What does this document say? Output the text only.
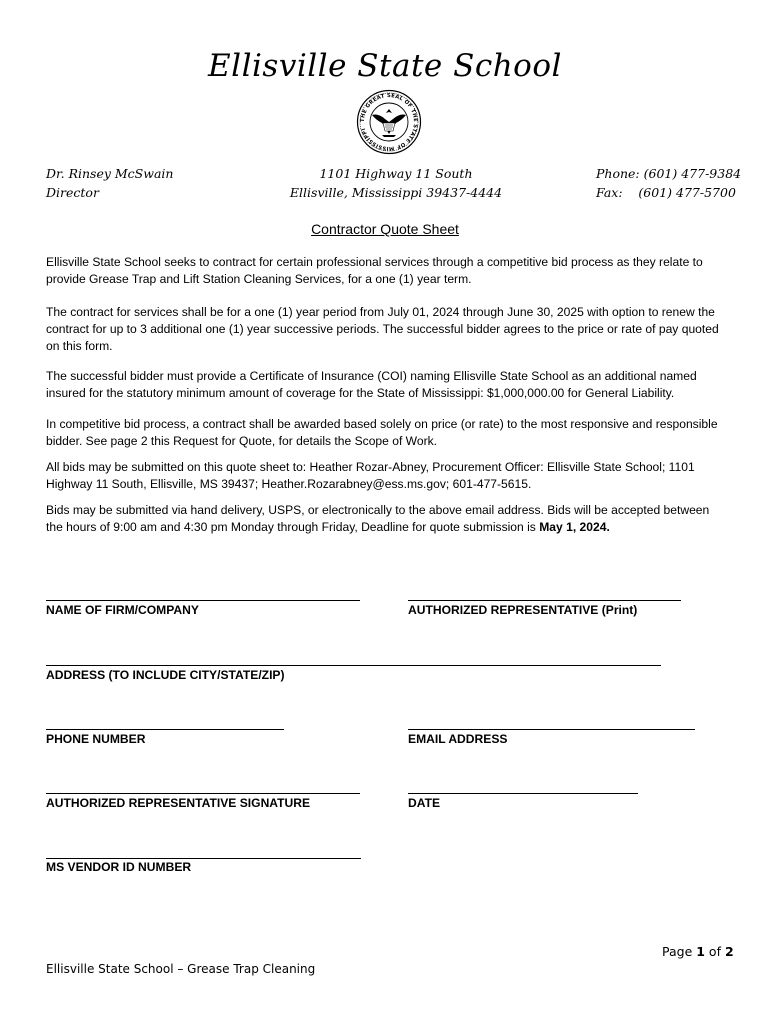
Ellisville State School
THE GREAT SEAL OF THE STATE OF MISSISSIPPI
Dr. Rinsey McSwain
Director
1101 Highway 11 South
Ellisville, Mississippi 39437-4444
Phone: (601) 477-9384
Fax:    (601) 477-5700
Contractor Quote Sheet
Ellisville State School seeks to contract for certain professional services through a competitive bid process as they relate to provide Grease Trap and Lift Station Cleaning Services, for a one (1) year term.
The contract for services shall be for a one (1) year period from July 01, 2024 through June 30, 2025 with option to renew the contract for up to 3 additional one (1) year successive periods. The successful bidder agrees to the price or rate of pay quoted on this form.
The successful bidder must provide a Certificate of Insurance (COI) naming Ellisville State School as an additional named insured for the statutory minimum amount of coverage for the State of Mississippi: $1,000,000.00 for General Liability.
In competitive bid process, a contract shall be awarded based solely on price (or rate) to the most responsive and responsible bidder. See page 2 this Request for Quote, for details the Scope of Work.
All bids may be submitted on this quote sheet to: Heather Rozar-Abney, Procurement Officer: Ellisville State School; 1101 Highway 11 South, Ellisville, MS 39437; Heather.Rozarabney@ess.ms.gov; 601-477-5615.
Bids may be submitted via hand delivery, USPS, or electronically to the above email address. Bids will be accepted between the hours of 9:00 am and 4:30 pm Monday through Friday, Deadline for quote submission is May 1, 2024.
NAME OF FIRM/COMPANY	AUTHORIZED REPRESENTATIVE (Print)
ADDRESS (TO INCLUDE CITY/STATE/ZIP)
PHONE NUMBER	EMAIL ADDRESS
AUTHORIZED REPRESENTATIVE SIGNATURE	DATE
MS VENDOR ID NUMBER
Page 1 of 2
Ellisville State School – Grease Trap Cleaning
